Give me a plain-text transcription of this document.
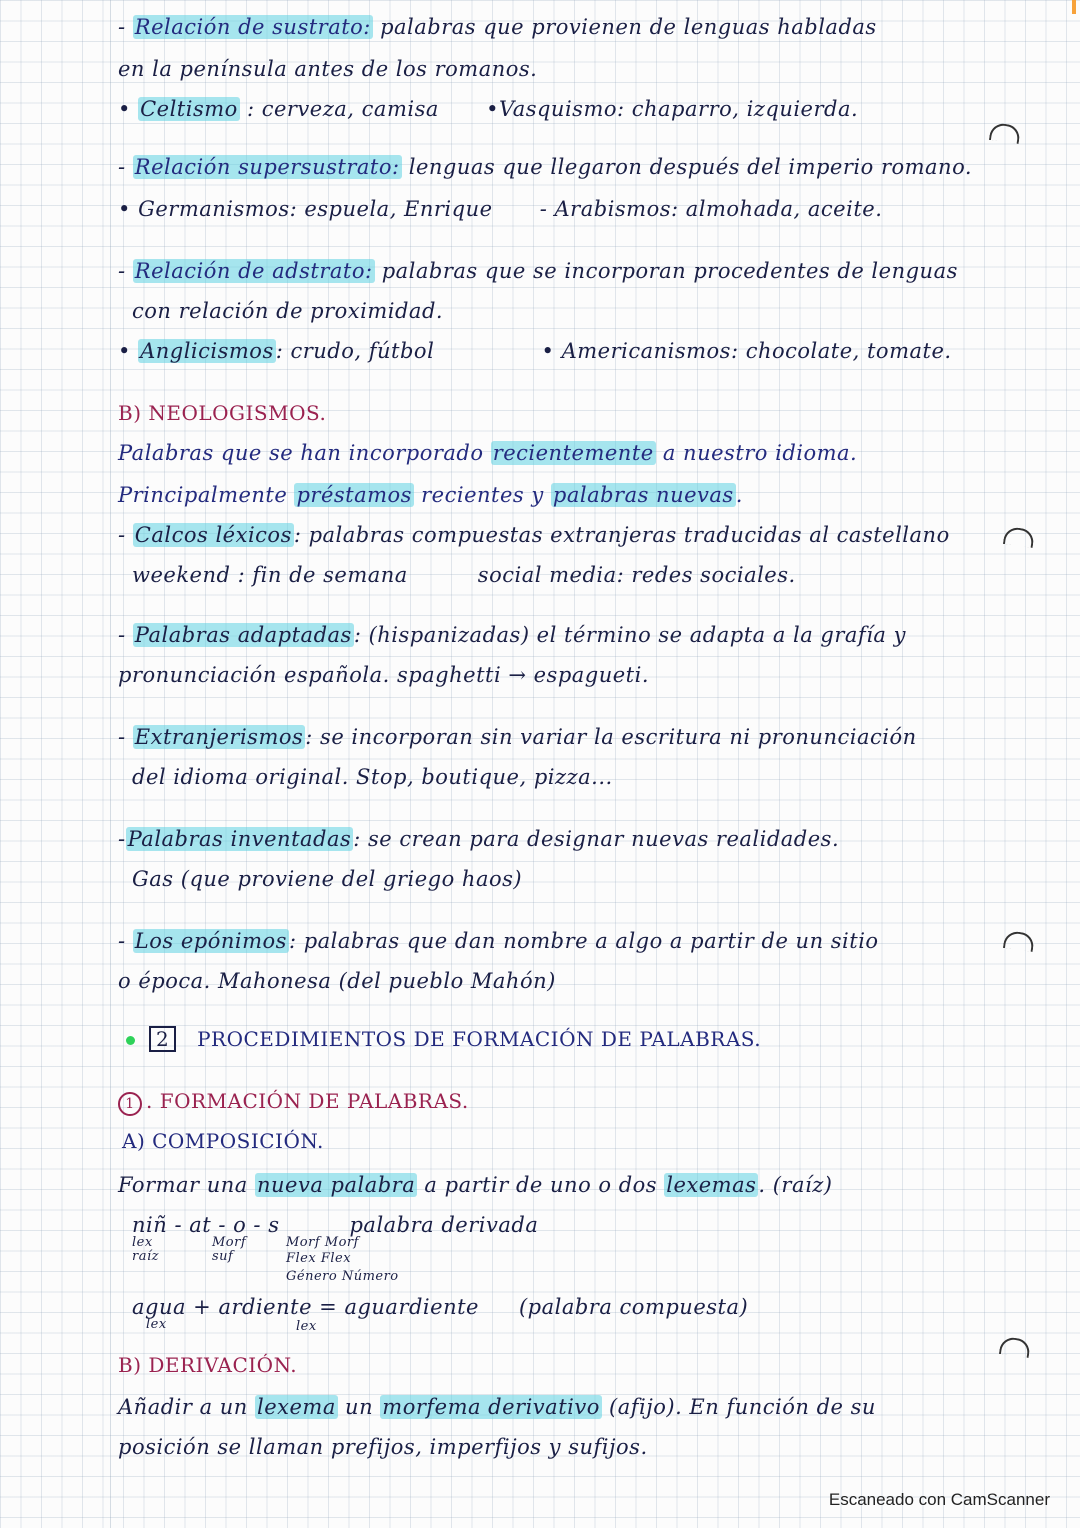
- Relación de sustrato: palabras que provienen de lenguas habladas
en la península antes de los romanos.
• Celtismo : cerveza, camisa •Vasquismo: chaparro, izquierda.
- Relación supersustrato: lenguas que llegaron después del imperio romano.
• Germanismos: espuela, Enrique - Arabismos: almohada, aceite.
- Relación de adstrato: palabras que se incorporan procedentes de lenguas
con relación de proximidad.
• Anglicismos: crudo, fútbol	• Americanismos: chocolate, tomate.
B) NEOLOGISMOS.
Palabras que se han incorporado recientemente a nuestro idioma.
Principalmente préstamos recientes y palabras nuevas.
- Calcos léxicos: palabras compuestas extranjeras traducidas al castellano
weekend : fin de semana	social media: redes sociales.
- Palabras adaptadas: (hispanizadas) el término se adapta a la grafía y
pronunciación española. spaghetti → espagueti.
- Extranjerismos: se incorporan sin variar la escritura ni pronunciación
del idioma original. Stop, boutique, pizza...
-Palabras inventadas: se crean para designar nuevas realidades.
Gas (que proviene del griego haos)
- Los epónimos: palabras que dan nombre a algo a partir de un sitio
o época. Mahonesa (del pueblo Mahón)
2 PROCEDIMIENTOS DE FORMACIÓN DE PALABRAS.
1 . FORMACIÓN DE PALABRAS.
A) COMPOSICIÓN.
Formar una nueva palabra a partir de uno o dos lexemas. (raíz)
niñ - at - o - s	palabra derivada
lex
raíz
Morf
suf
Morf Morf
Flex Flex
Género Número
agua + ardiente = aguardiente (palabra compuesta)
lex	lex
B) DERIVACIÓN.
Añadir a un lexema un morfema derivativo (afijo). En función de su
posición se llaman prefijos, imperfijos y sufijos.
Escaneado con CamScanner
